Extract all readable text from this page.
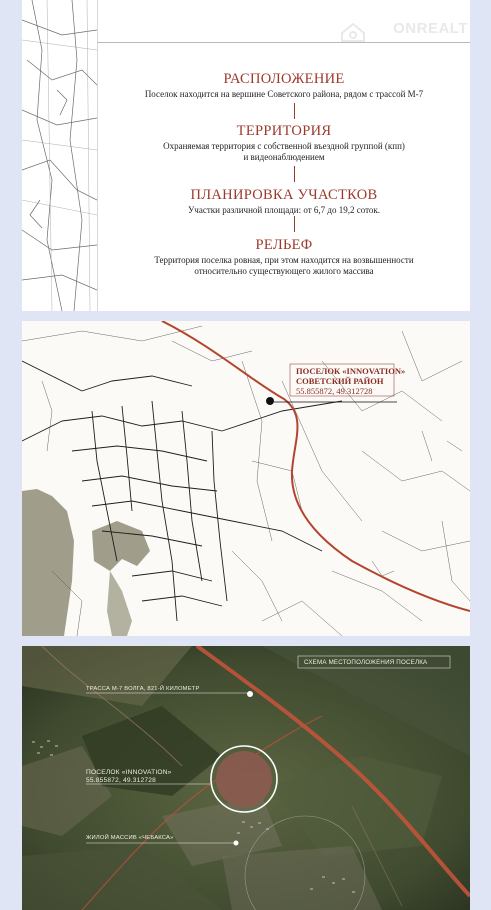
ONREALT
РАСПОЛОЖЕНИЕ

Поселок находится на вершине Советского района, рядом с трассой М-7

ТЕРРИТОРИЯ

Охраняемая территория с собственной въездной группой (кпп)
и видеонаблюдением

ПЛАНИРОВКА УЧАСТКОВ

Участки различной площади: от 6,7 до 19,2 соток.

РЕЛЬЕФ

Территория поселка ровная, при этом находится на возвышенности
относительно существующего жилого массива

ПОСЕЛОК «INNOVATION»
СОВЕТСКИЙ РАЙОН
55.855872, 49.312728
СХЕМА МЕСТОПОЛОЖЕНИЯ ПОСЕЛКА
ТРАССА М-7 ВОЛГА, 821-Й КИЛОМЕТР
ПОСЕЛОК «INNOVATION»
55.855872, 49.312728
ЖИЛОЙ МАССИВ «ЧЕБАКСА»
